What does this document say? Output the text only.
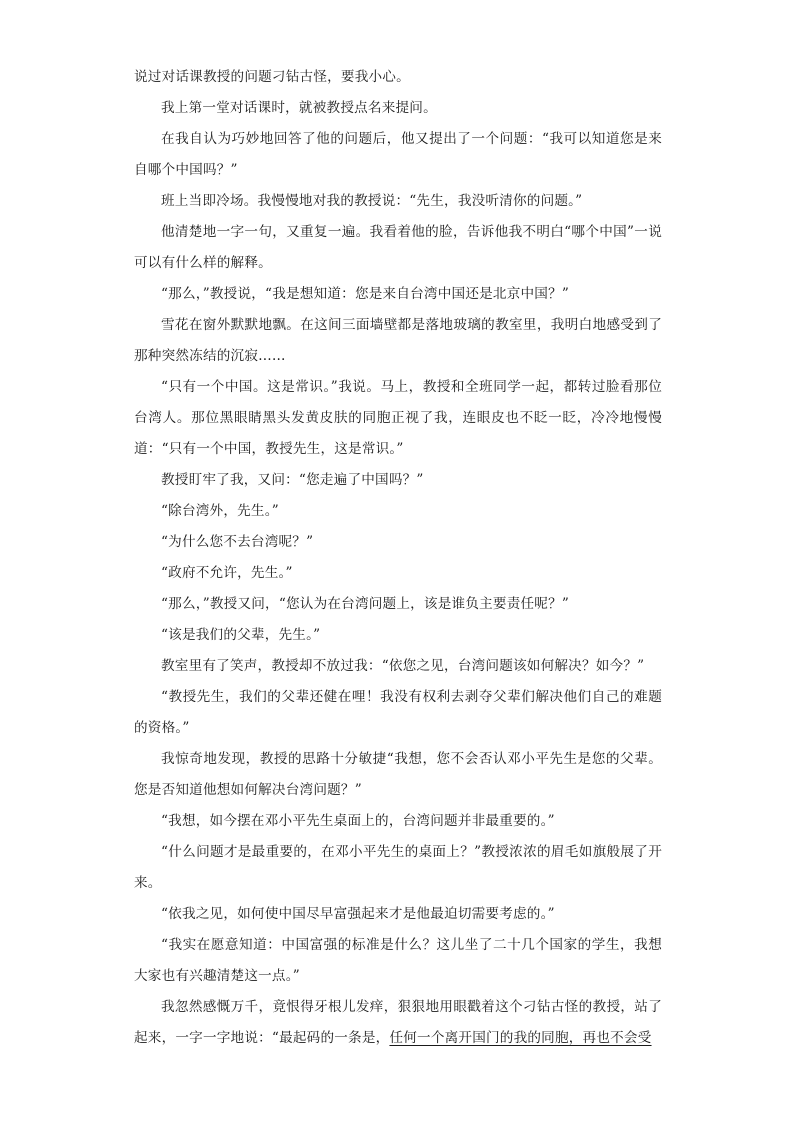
说过对话课教授的问题刁钻古怪，要我小心。

我上第一堂对话课时，就被教授点名来提问。

在我自认为巧妙地回答了他的问题后，他又提出了一个问题：“我可以知道您是来自哪个中国吗？”

班上当即冷场。我慢慢地对我的教授说：“先生，我没听清你的问题。”

他清楚地一字一句，又重复一遍。我看着他的脸，告诉他我不明白“哪个中国”一说可以有什么样的解释。

“那么，”教授说，“我是想知道：您是来自台湾中国还是北京中国？”

雪花在窗外默默地飘。在这间三面墙壁都是落地玻璃的教室里，我明白地感受到了那种突然冻结的沉寂……

“只有一个中国。这是常识。”我说。马上，教授和全班同学一起，都转过脸看那位台湾人。那位黑眼睛黑头发黄皮肤的同胞正视了我，连眼皮也不眨一眨，冷冷地慢慢道：“只有一个中国，教授先生，这是常识。”

教授盯牢了我，又问：“您走遍了中国吗？”

“除台湾外，先生。”

“为什么您不去台湾呢？”

“政府不允许，先生。”

“那么，”教授又问，“您认为在台湾问题上，该是谁负主要责任呢？”

“该是我们的父辈，先生。”

教室里有了笑声，教授却不放过我：“依您之见，台湾问题该如何解决？如今？”

“教授先生，我们的父辈还健在哩！我没有权利去剥夺父辈们解决他们自己的难题的资格。”

我惊奇地发现，教授的思路十分敏捷“我想，您不会否认邓小平先生是您的父辈。您是否知道他想如何解决台湾问题？”

“我想，如今摆在邓小平先生桌面上的，台湾问题并非最重要的。”

“什么问题才是最重要的，在邓小平先生的桌面上？”教授浓浓的眉毛如旗般展了开来。

“依我之见，如何使中国尽早富强起来才是他最迫切需要考虑的。”

“我实在愿意知道：中国富强的标准是什么？这儿坐了二十几个国家的学生，我想大家也有兴趣清楚这一点。”

我忽然感慨万千，竟恨得牙根儿发痒，狠狠地用眼戳着这个刁钻古怪的教授，站了起来，一字一字地说：“最起码的一条是，任何一个离开国门的我的同胞，再也不会受
